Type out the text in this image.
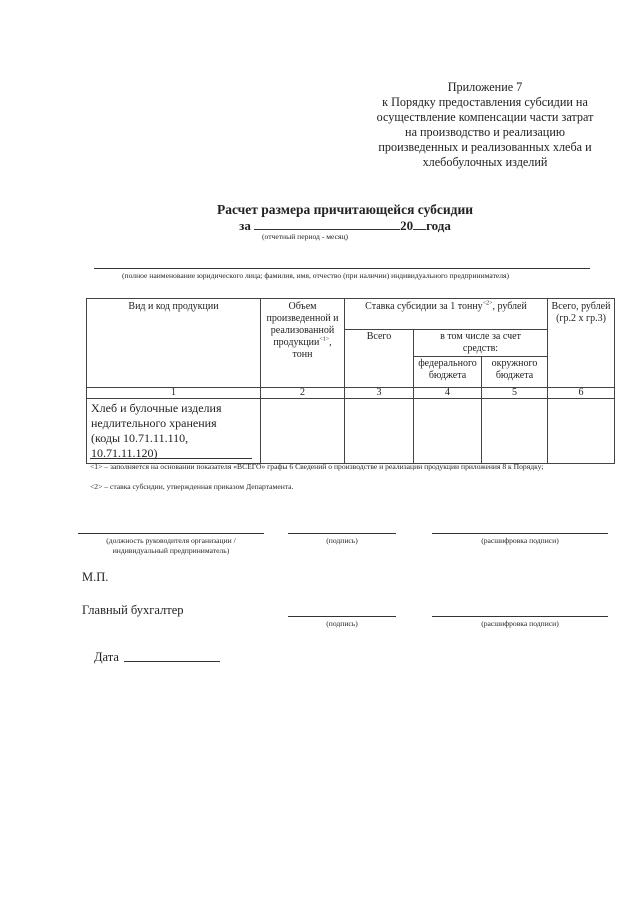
Приложение 7
к Порядку предоставления субсидии на
осуществление компенсации части затрат
на производство и реализацию
произведенных и реализованных хлеба и
хлебобулочных изделий
Расчет размера причитающейся субсидии
за	20 года
(отчетный период - месяц)
(полное наименование юридического лица; фамилия, имя, отчество (при наличии) индивидуального предпринимателя)
Вид и код продукции	Объем произведенной и реализованной продукции$^{<1>}$, тонн	Ставка субсидии за 1 тонну$^{<2>}$, рублей			Всего, рублей (гр.2 х гр.3)
		Всего	в том числе за счет средств:		
			федерального бюджета	окружного бюджета	
1	2	3	4	5	6
Хлеб и булочные изделия недлительного хранения
(коды 10.71.11.110, 10.71.11.120)					
<1> – заполняется на основании показателя «ВСЕГО» графы 6 Сведений о производстве и реализации продукции приложения 8 к Порядку;
<2> – ставка субсидии, утвержденная приказом Департамента.
(должность руководителя организации /
индивидуальный предприниматель)
(подпись)	(расшифровка подписи)
М.П.
Главный бухгалтер
(подпись)	(расшифровка подписи)
Дата
